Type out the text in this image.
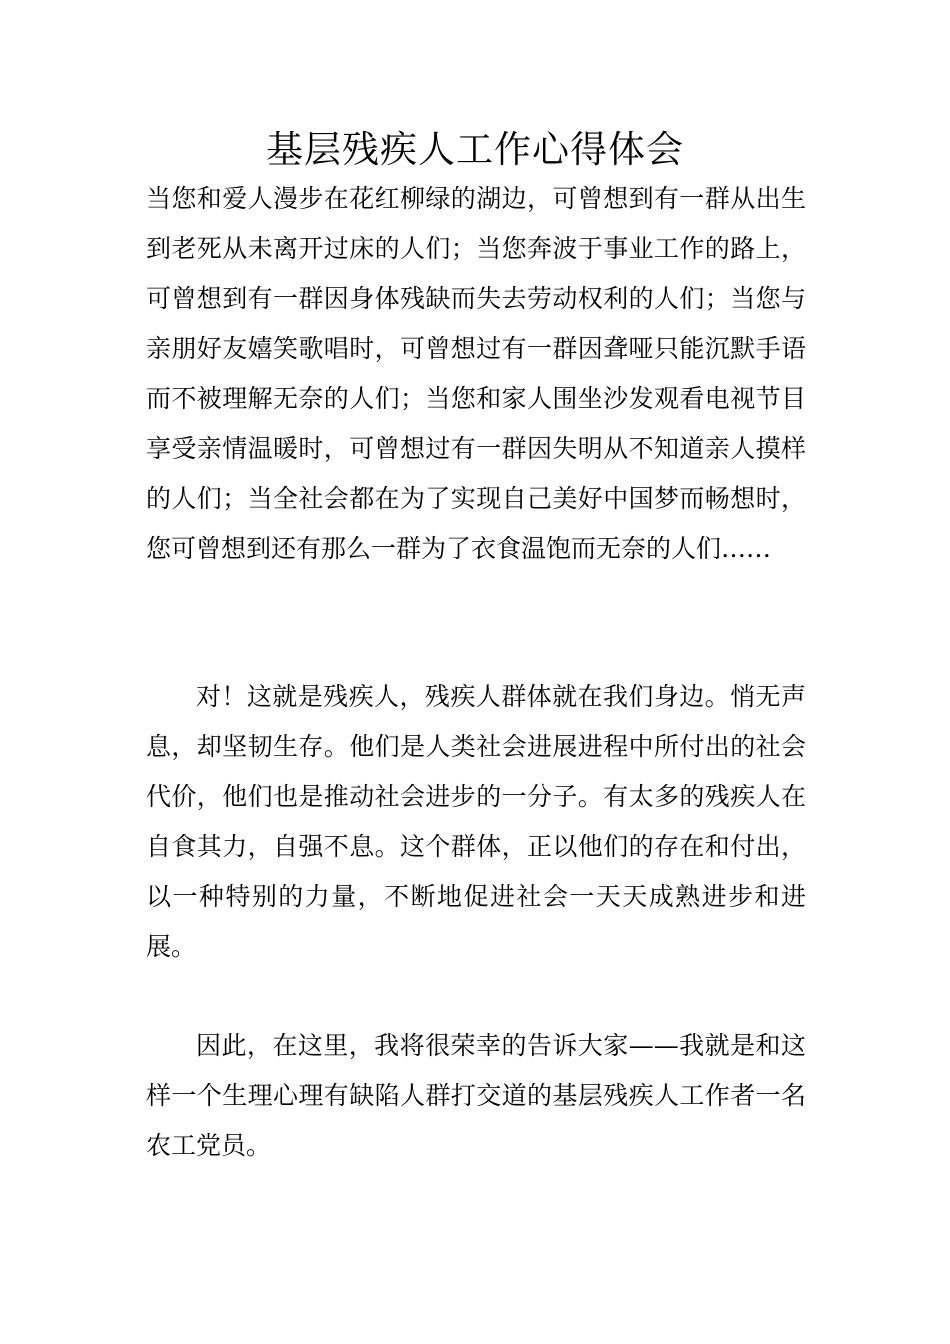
基层残疾人工作心得体会

当您和爱人漫步在花红柳绿的湖边，可曾想到有一群从出生到老死从未离开过床的人们；当您奔波于事业工作的路上，可曾想到有一群因身体残缺而失去劳动权利的人们；当您与亲朋好友嬉笑歌唱时，可曾想过有一群因聋哑只能沉默手语而不被理解无奈的人们；当您和家人围坐沙发观看电视节目享受亲情温暖时，可曾想过有一群因失明从不知道亲人摸样的人们；当全社会都在为了实现自己美好中国梦而畅想时，您可曾想到还有那么一群为了衣食温饱而无奈的人们……

对！这就是残疾人，残疾人群体就在我们身边。悄无声息，却坚韧生存。他们是人类社会进展进程中所付出的社会代价，他们也是推动社会进步的一分子。有太多的残疾人在自食其力，自强不息。这个群体，正以他们的存在和付出，以一种特别的力量，不断地促进社会一天天成熟进步和进展。

因此，在这里，我将很荣幸的告诉大家——我就是和这样一个生理心理有缺陷人群打交道的基层残疾人工作者一名农工党员。
